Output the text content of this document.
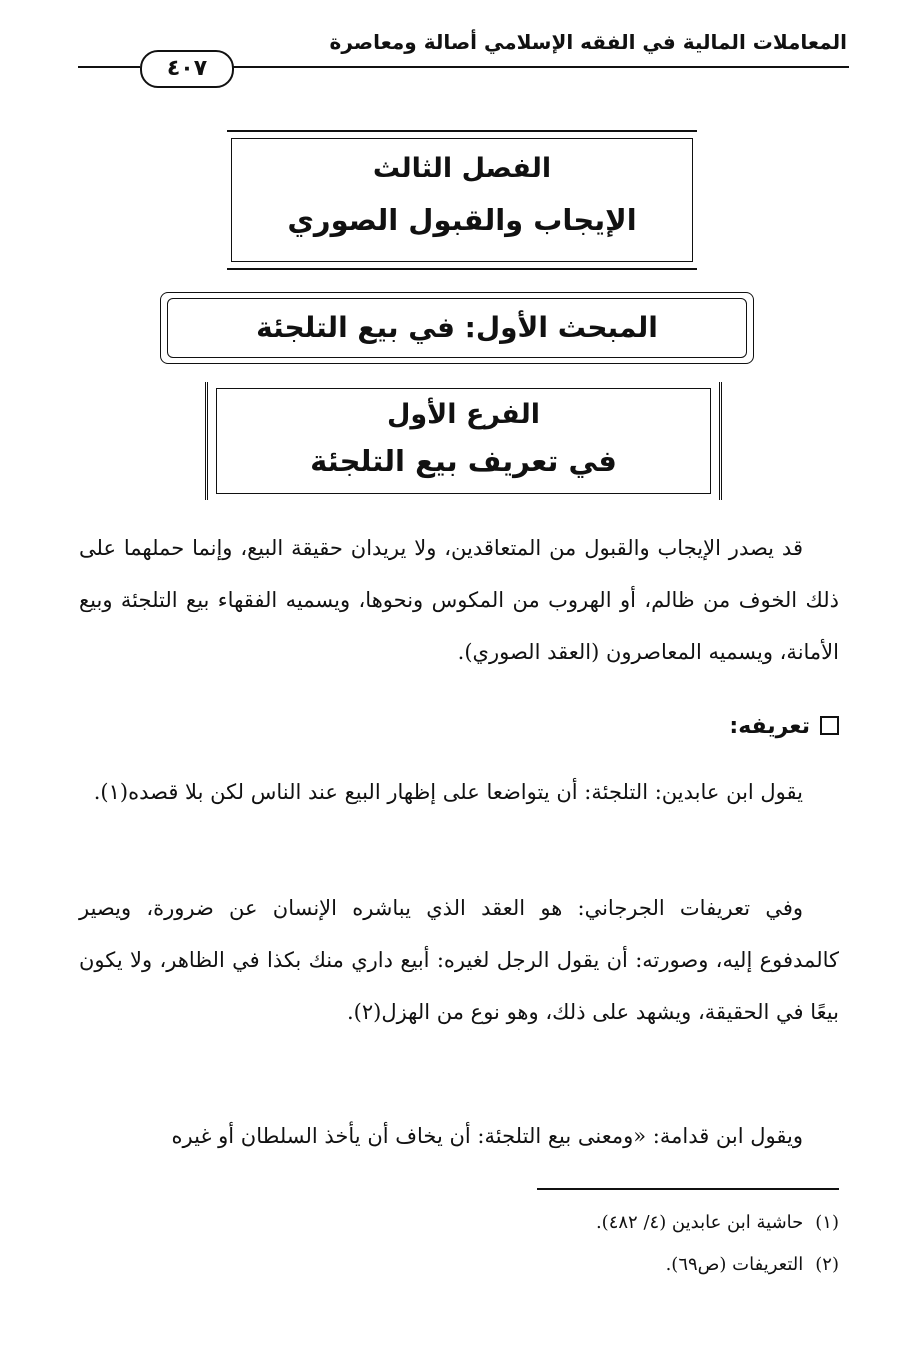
المعاملات المالية في الفقه الإسلامي أصالة ومعاصرة
٤٠٧
الفصل الثالث
الإيجاب والقبول الصوري
المبحث الأول: في بيع التلجئة
الفرع الأول
في تعريف بيع التلجئة
قد يصدر الإيجاب والقبول من المتعاقدين، ولا يريدان حقيقة البيع، وإنما حملهما على ذلك الخوف من ظالم، أو الهروب من المكوس ونحوها، ويسميه الفقهاء بيع التلجئة وبيع الأمانة، ويسميه المعاصرون (العقد الصوري).
تعريفه:
يقول ابن عابدين: التلجئة: أن يتواضعا على إظهار البيع عند الناس لكن بلا قصده(١).
وفي تعريفات الجرجاني: هو العقد الذي يباشره الإنسان عن ضرورة، ويصير كالمدفوع إليه، وصورته: أن يقول الرجل لغيره: أبيع داري منك بكذا في الظاهر، ولا يكون بيعًا في الحقيقة، ويشهد على ذلك، وهو نوع من الهزل(٢).
ويقول ابن قدامة: «ومعنى بيع التلجئة: أن يخاف أن يأخذ السلطان أو غيره
(١)حاشية ابن عابدين (٤/ ٤٨٢).
(٢)التعريفات (ص٦٩).
